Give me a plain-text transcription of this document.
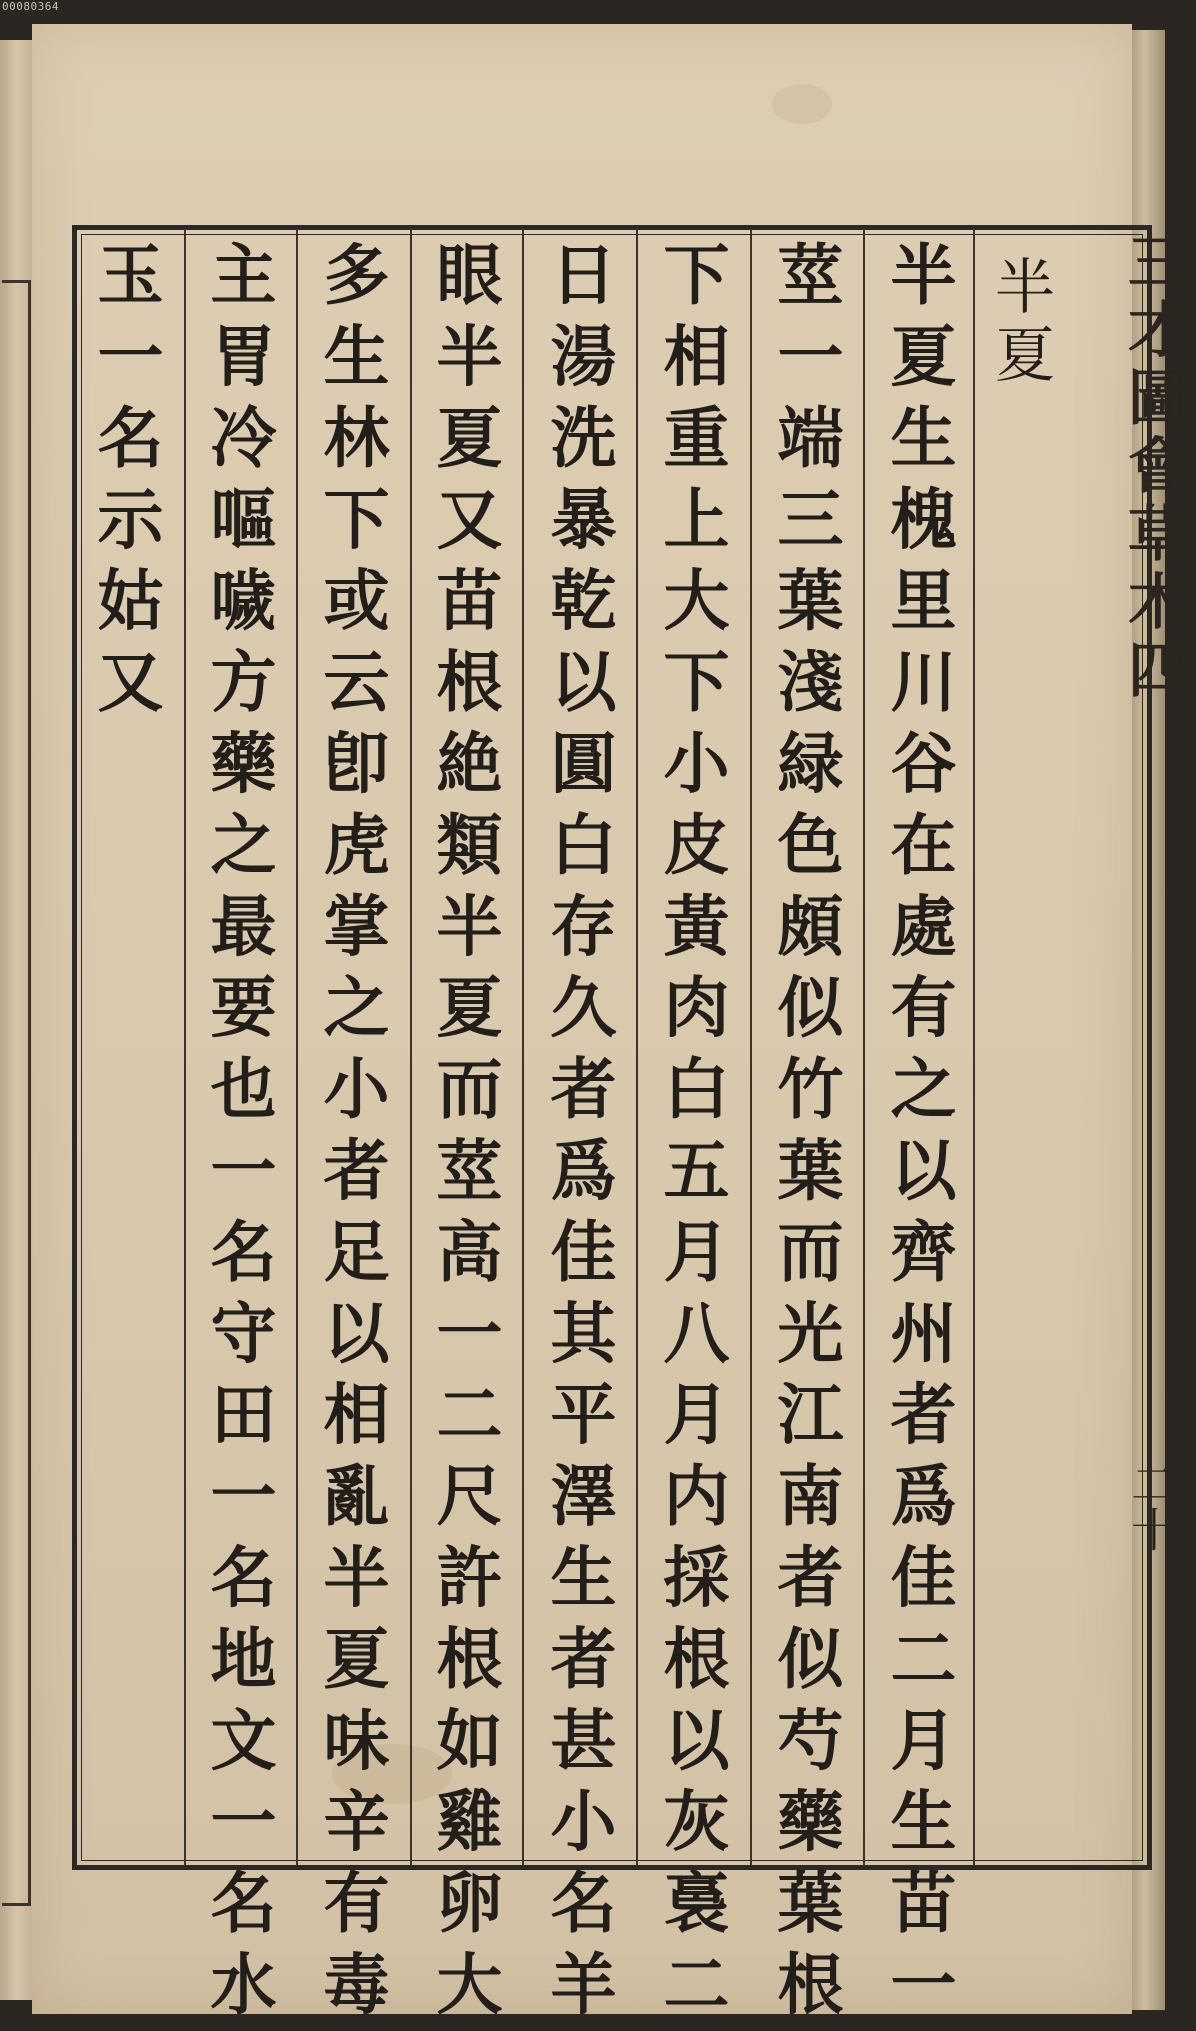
00080364
三才圖會草木四
二十
半夏
半夏生槐里川谷在處有之以齊州者爲佳二月生苗一
莖一端三葉淺緑色頗似竹葉而光江南者似芍藥葉根
下相重上大下小皮黃肉白五月八月内採根以灰裛二
日湯洗暴乾以圓白存久者爲佳其平澤生者甚小名羊
眼半夏又苗根絶類半夏而莖高一二尺許根如雞卵大
多生林下或云卽虎掌之小者足以相亂半夏味辛有毒
主胃冷嘔噦方藥之最要也一名守田一名地文一名水
玉一名示姑又
